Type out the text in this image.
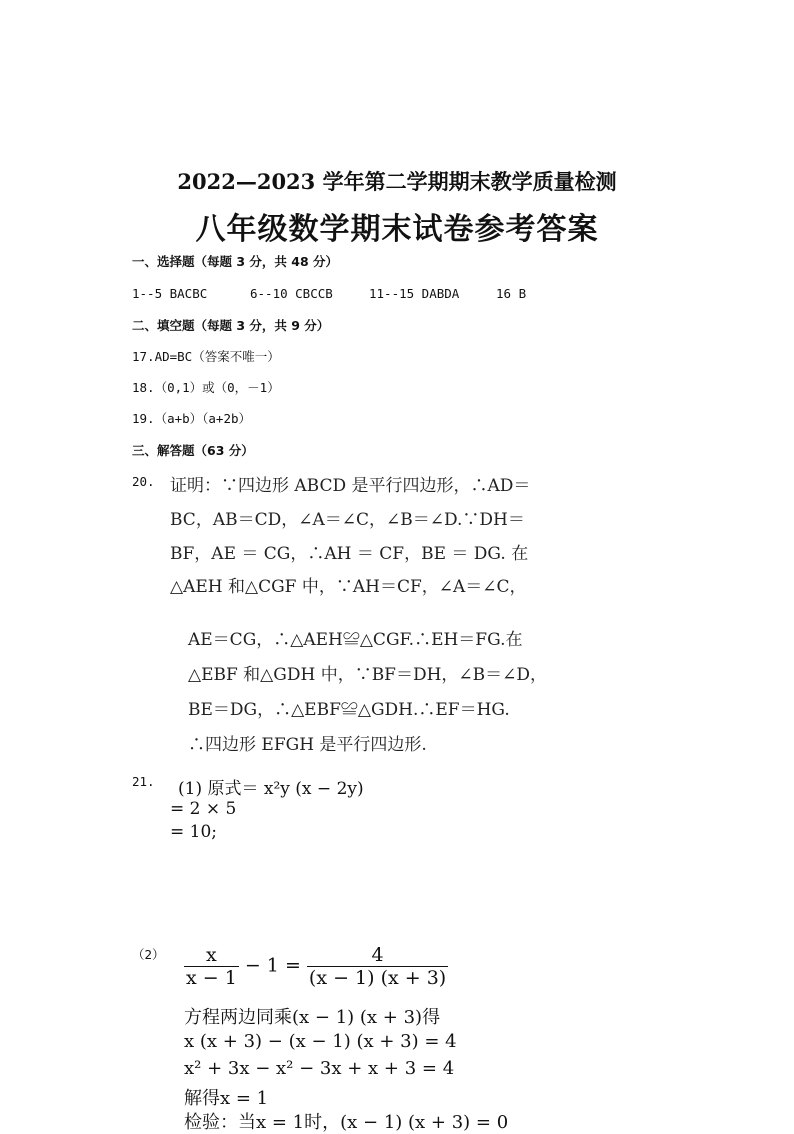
2022—2023 学年第二学期期末教学质量检测
八年级数学期末试卷参考答案
一、选择题（每题 3 分，共 48 分）
1--5 BACBC	6--10 CBCCB	11--15 DABDA	16 B
二、填空题（每题 3 分，共 9 分）
17.AD=BC（答案不唯一）
18.（0,1）或（0，－1）
19.（a+b）（a+2b）
三、解答题（63 分）
20. 证明：∵四边形 ABCD 是平行四边形，∴AD＝
BC，AB＝CD，∠A＝∠C，∠B＝∠D.∵DH＝
BF，AE ＝ CG，∴AH ＝ CF，BE ＝ DG. 在
△AEH 和△CGF 中，∵AH＝CF，∠A＝∠C，
AE＝CG，∴△AEH≌△CGF.∴EH＝FG.在
△EBF 和△GDH 中，∵BF＝DH，∠B＝∠D，
BE＝DG，∴△EBF≌△GDH.∴EF＝HG.
∴四边形 EFGH 是平行四边形.
21. (1) 原式＝ x²y (x − 2y)
= 2 × 5
= 10;
$(2) \frac{x}{x - 1} - 1 = \frac{4}{(x - 1) (x + 3)}$
方程两边同乘(x − 1) (x + 3)得
x (x + 3) − (x − 1) (x + 3) = 4
x² + 3x − x² − 3x + x + 3 = 4
解得x = 1
检验：当x = 1时，(x − 1) (x + 3) = 0
